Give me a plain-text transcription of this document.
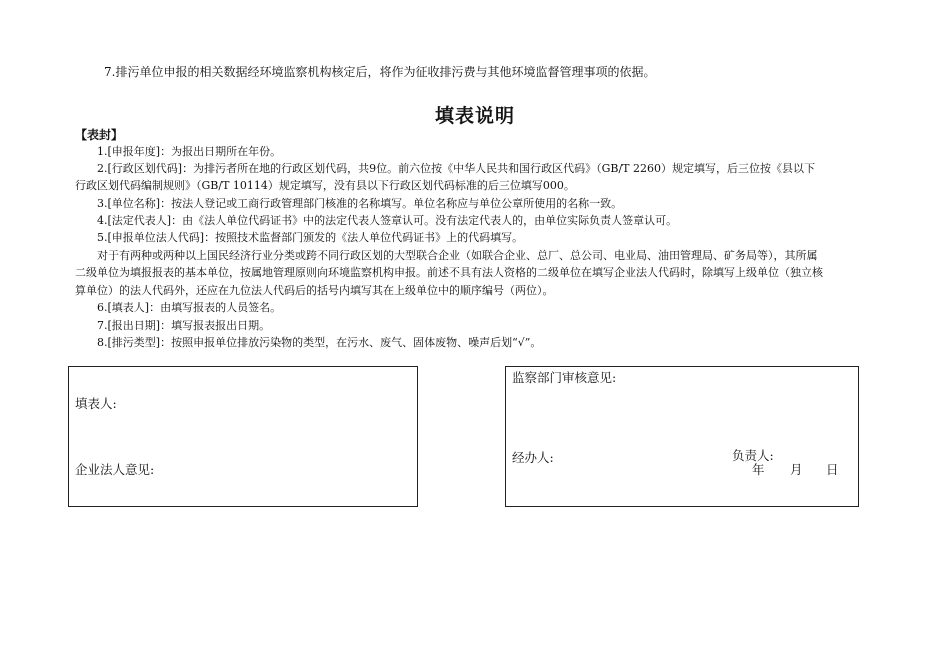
7.排污单位申报的相关数据经环境监察机构核定后，将作为征收排污费与其他环境监督管理事项的依据。
填表说明
【表封】
1.[申报年度]：为报出日期所在年份。
2.[行政区划代码]：为排污者所在地的行政区划代码，共9位。前六位按《中华人民共和国行政区代码》（GB/T 2260）规定填写，后三位按《县以下
行政区划代码编制规则》（GB/T 10114）规定填写，没有县以下行政区划代码标准的后三位填写000。
3.[单位名称]：按法人登记或工商行政管理部门核准的名称填写。单位名称应与单位公章所使用的名称一致。
4.[法定代表人]：由《法人单位代码证书》中的法定代表人签章认可。没有法定代表人的，由单位实际负责人签章认可。
5.[申报单位法人代码]：按照技术监督部门颁发的《法人单位代码证书》上的代码填写。
对于有两种或两种以上国民经济行业分类或跨不同行政区划的大型联合企业（如联合企业、总厂、总公司、电业局、油田管理局、矿务局等），其所属
二级单位为填报报表的基本单位，按属地管理原则向环境监察机构申报。前述不具有法人资格的二级单位在填写企业法人代码时，除填写上级单位（独立核
算单位）的法人代码外，还应在九位法人代码后的括号内填写其在上级单位中的顺序编号（两位）。
6.[填表人]：由填写报表的人员签名。
7.[报出日期]：填写报表报出日期。
8.[排污类型]：按照申报单位排放污染物的类型，在污水、废气、固体废物、噪声后划“√”。
填表人:
企业法人意见:
监察部门审核意见:
经办人:	负责人:
年 月 日
